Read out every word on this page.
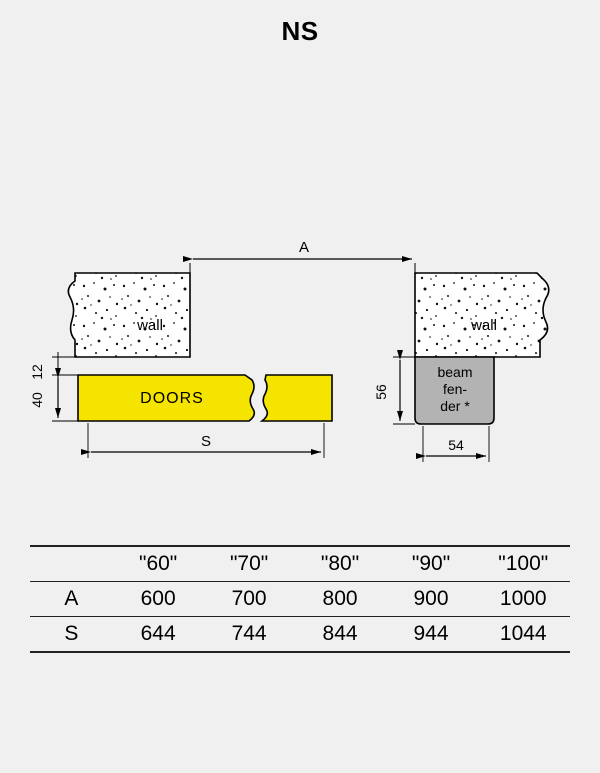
NS
wall	wall
A
DOORS
beam
fen-
der *
12
40
S
56
54
	"60"	"70"	"80"	"90"	"100"
A	600	700	800	900	1000
S	644	744	844	944	1044
